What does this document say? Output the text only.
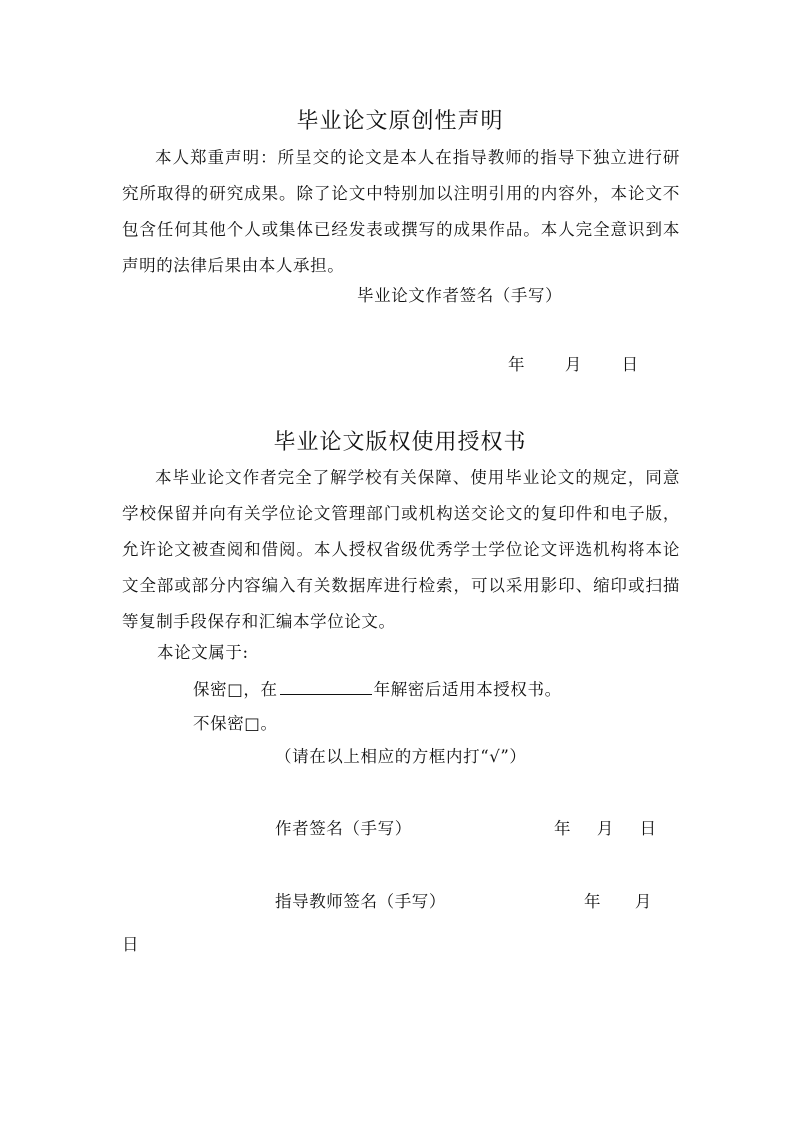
毕业论文原创性声明
本人郑重声明：所呈交的论文是本人在指导教师的指导下独立进行研究所取得的研究成果。除了论文中特别加以注明引用的内容外，本论文不包含任何其他个人或集体已经发表或撰写的成果作品。本人完全意识到本声明的法律后果由本人承担。
毕业论文作者签名（手写）
年 月 日
毕业论文版权使用授权书
本毕业论文作者完全了解学校有关保障、使用毕业论文的规定，同意学校保留并向有关学位论文管理部门或机构送交论文的复印件和电子版，允许论文被查阅和借阅。本人授权省级优秀学士学位论文评选机构将本论文全部或部分内容编入有关数据库进行检索，可以采用影印、缩印或扫描等复制手段保存和汇编本学位论文。
本论文属于:
保密□，在	年解密后适用本授权书。
不保密□。
（请在以上相应的方框内打“√”）
作者签名（手写）	年 月 日
指导教师签名（手写）	年 月
日
